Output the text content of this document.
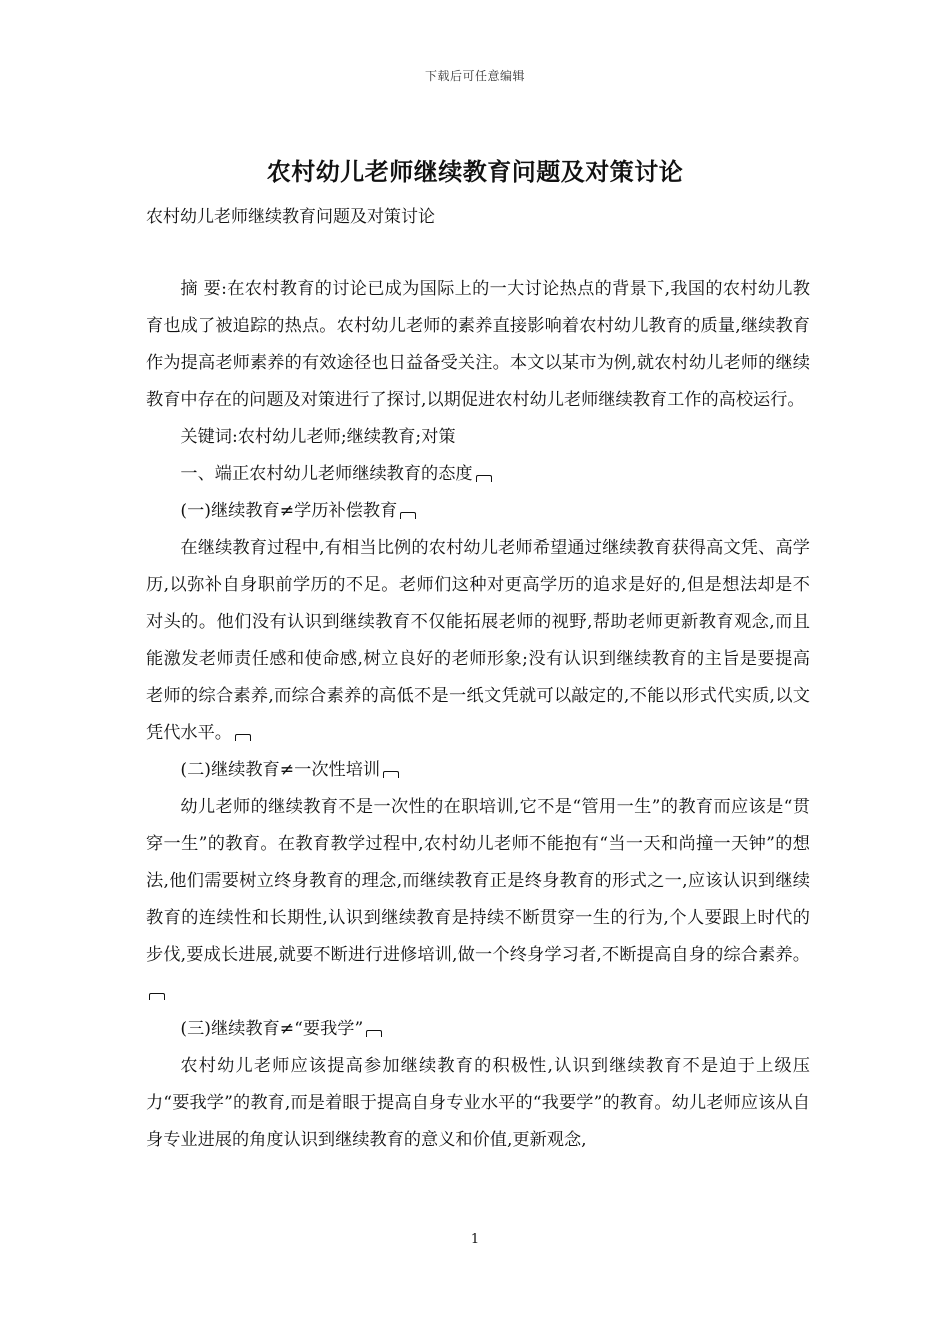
下载后可任意编辑
农村幼儿老师继续教育问题及对策讨论

农村幼儿老师继续教育问题及对策讨论

摘 要:在农村教育的讨论已成为国际上的一大讨论热点的背景下,我国的农村幼儿教育也成了被追踪的热点。农村幼儿老师的素养直接影响着农村幼儿教育的质量,继续教育作为提高老师素养的有效途径也日益备受关注。本文以某市为例,就农村幼儿老师的继续教育中存在的问题及对策进行了探讨,以期促进农村幼儿老师继续教育工作的高校运行。

关键词:农村幼儿老师;继续教育;对策

一、端正农村幼儿老师继续教育的态度

(一)继续教育≠学历补偿教育

在继续教育过程中,有相当比例的农村幼儿老师希望通过继续教育获得高文凭、高学历,以弥补自身职前学历的不足。老师们这种对更高学历的追求是好的,但是想法却是不对头的。他们没有认识到继续教育不仅能拓展老师的视野,帮助老师更新教育观念,而且能激发老师责任感和使命感,树立良好的老师形象;没有认识到继续教育的主旨是要提高老师的综合素养,而综合素养的高低不是一纸文凭就可以敲定的,不能以形式代实质,以文凭代水平。

(二)继续教育≠一次性培训

幼儿老师的继续教育不是一次性的在职培训,它不是“管用一生”的教育而应该是“贯穿一生”的教育。在教育教学过程中,农村幼儿老师不能抱有“当一天和尚撞一天钟”的想法,他们需要树立终身教育的理念,而继续教育正是终身教育的形式之一,应该认识到继续教育的连续性和长期性,认识到继续教育是持续不断贯穿一生的行为,个人要跟上时代的步伐,要成长进展,就要不断进行进修培训,做一个终身学习者,不断提高自身的综合素养。

(三)继续教育≠“要我学”

农村幼儿老师应该提高参加继续教育的积极性,认识到继续教育不是迫于上级压力“要我学”的教育,而是着眼于提高自身专业水平的“我要学”的教育。幼儿老师应该从自身专业进展的角度认识到继续教育的意义和价值,更新观念,

1
